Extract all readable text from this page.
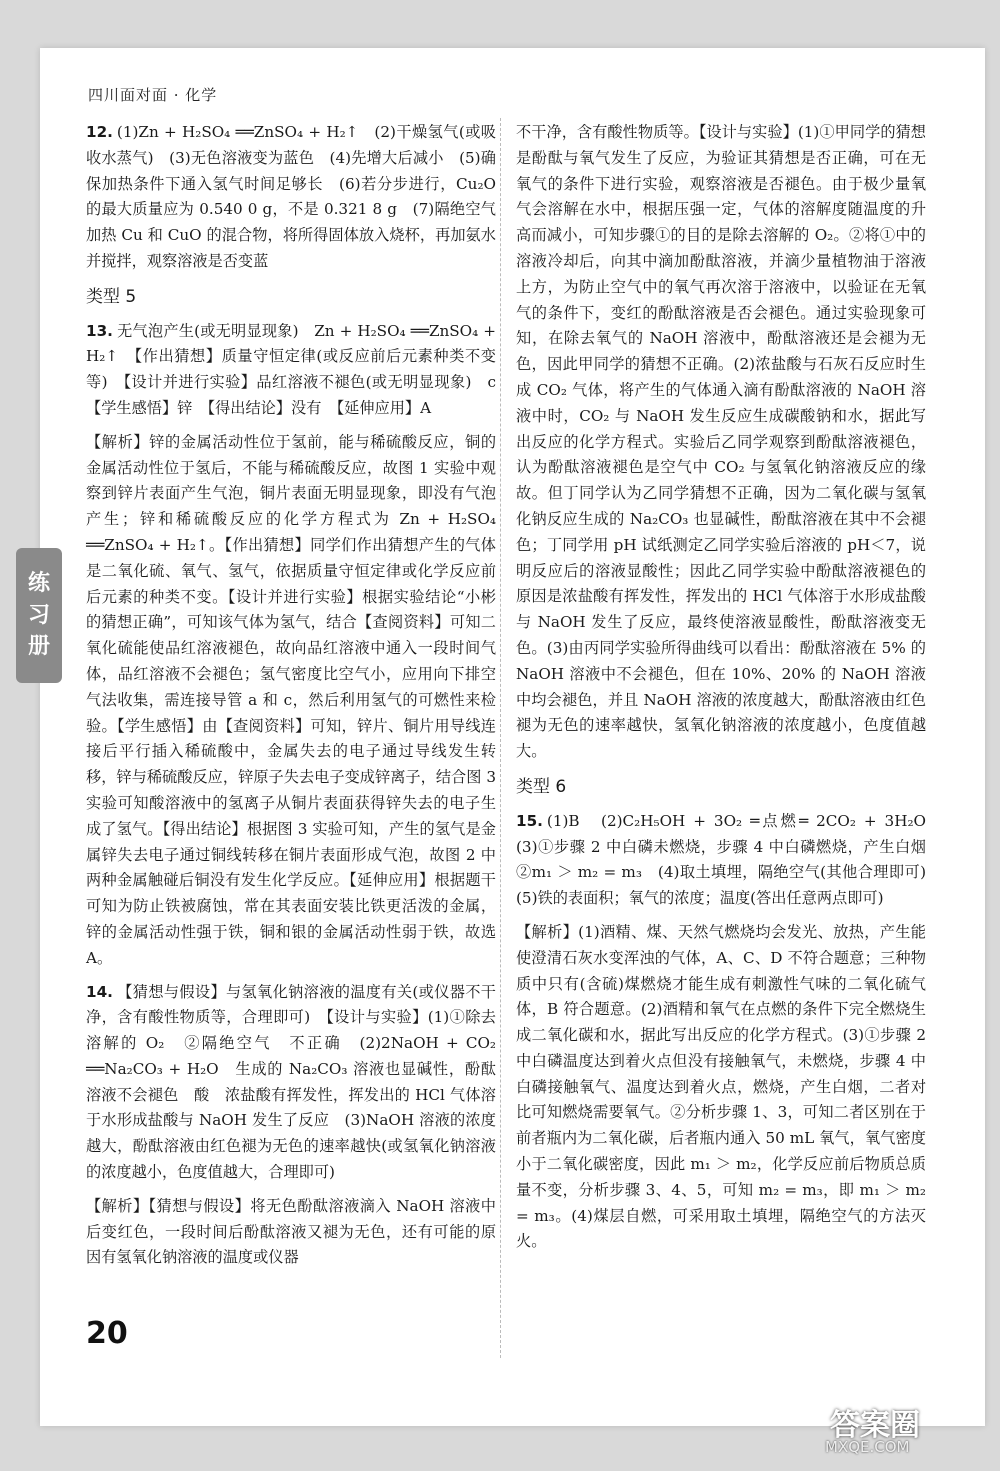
四川面对面 · 化学
练
习
册
12. (1)Zn + H₂SO₄ ══ZnSO₄ + H₂↑　(2)干燥氢气(或吸收水蒸气)　(3)无色溶液变为蓝色　(4)先增大后减小　(5)确保加热条件下通入氢气时间足够长　(6)若分步进行，Cu₂O 的最大质量应为 0.540 0 g，不是 0.321 8 g　(7)隔绝空气加热 Cu 和 CuO 的混合物，将所得固体放入烧杯，再加氨水并搅拌，观察溶液是否变蓝
类型 5
13. 无气泡产生(或无明显现象)　Zn + H₂SO₄ ══ZnSO₄ + H₂↑　【作出猜想】质量守恒定律(或反应前后元素种类不变等)　【设计并进行实验】品红溶液不褪色(或无明显现象)　c　【学生感悟】锌　【得出结论】没有　【延伸应用】A
【解析】锌的金属活动性位于氢前，能与稀硫酸反应，铜的金属活动性位于氢后，不能与稀硫酸反应，故图 1 实验中观察到锌片表面产生气泡，铜片表面无明显现象，即没有气泡产生；锌和稀硫酸反应的化学方程式为 Zn + H₂SO₄ ══ZnSO₄ + H₂↑。【作出猜想】同学们作出猜想产生的气体是二氧化硫、氧气、氢气，依据质量守恒定律或化学反应前后元素的种类不变。【设计并进行实验】根据实验结论“小彬的猜想正确”，可知该气体为氢气，结合【查阅资料】可知二氧化硫能使品红溶液褪色，故向品红溶液中通入一段时间气体，品红溶液不会褪色；氢气密度比空气小，应用向下排空气法收集，需连接导管 a 和 c，然后利用氢气的可燃性来检验。【学生感悟】由【查阅资料】可知，锌片、铜片用导线连接后平行插入稀硫酸中，金属失去的电子通过导线发生转移，锌与稀硫酸反应，锌原子失去电子变成锌离子，结合图 3 实验可知酸溶液中的氢离子从铜片表面获得锌失去的电子生成了氢气。【得出结论】根据图 3 实验可知，产生的氢气是金属锌失去电子通过铜线转移在铜片表面形成气泡，故图 2 中两种金属触碰后铜没有发生化学反应。【延伸应用】根据题干可知为防止铁被腐蚀，常在其表面安装比铁更活泼的金属，锌的金属活动性强于铁，铜和银的金属活动性弱于铁，故选 A。
14. 【猜想与假设】与氢氧化钠溶液的温度有关(或仪器不干净，含有酸性物质等，合理即可)　【设计与实验】(1)①除去溶解的 O₂　②隔绝空气　不正确　(2)2NaOH + CO₂ ══Na₂CO₃ + H₂O　生成的 Na₂CO₃ 溶液也显碱性，酚酞溶液不会褪色　酸　浓盐酸有挥发性，挥发出的 HCl 气体溶于水形成盐酸与 NaOH 发生了反应　(3)NaOH 溶液的浓度越大，酚酞溶液由红色褪为无色的速率越快(或氢氧化钠溶液的浓度越小，色度值越大，合理即可)
【解析】【猜想与假设】将无色酚酞溶液滴入 NaOH 溶液中后变红色，一段时间后酚酞溶液又褪为无色，还有可能的原因有氢氧化钠溶液的温度或仪器
不干净，含有酸性物质等。【设计与实验】(1)①甲同学的猜想是酚酞与氧气发生了反应，为验证其猜想是否正确，可在无氧气的条件下进行实验，观察溶液是否褪色。由于极少量氧气会溶解在水中，根据压强一定，气体的溶解度随温度的升高而减小，可知步骤①的目的是除去溶解的 O₂。②将①中的溶液冷却后，向其中滴加酚酞溶液，并滴少量植物油于溶液上方，为防止空气中的氧气再次溶于溶液中，以验证在无氧气的条件下，变红的酚酞溶液是否会褪色。通过实验现象可知，在除去氧气的 NaOH 溶液中，酚酞溶液还是会褪为无色，因此甲同学的猜想不正确。(2)浓盐酸与石灰石反应时生成 CO₂ 气体，将产生的气体通入滴有酚酞溶液的 NaOH 溶液中时，CO₂ 与 NaOH 发生反应生成碳酸钠和水，据此写出反应的化学方程式。实验后乙同学观察到酚酞溶液褪色，认为酚酞溶液褪色是空气中 CO₂ 与氢氧化钠溶液反应的缘故。但丁同学认为乙同学猜想不正确，因为二氧化碳与氢氧化钠反应生成的 Na₂CO₃ 也显碱性，酚酞溶液在其中不会褪色；丁同学用 pH 试纸测定乙同学实验后溶液的 pH＜7，说明反应后的溶液显酸性；因此乙同学实验中酚酞溶液褪色的原因是浓盐酸有挥发性，挥发出的 HCl 气体溶于水形成盐酸与 NaOH 发生了反应，最终使溶液显酸性，酚酞溶液变无色。(3)由丙同学实验所得曲线可以看出：酚酞溶液在 5% 的 NaOH 溶液中不会褪色，但在 10%、20% 的 NaOH 溶液中均会褪色，并且 NaOH 溶液的浓度越大，酚酞溶液由红色褪为无色的速率越快，氢氧化钠溶液的浓度越小，色度值越大。
类型 6
15. (1)B　(2)C₂H₅OH + 3O₂ ═点燃═ 2CO₂ + 3H₂O　(3)①步骤 2 中白磷未燃烧，步骤 4 中白磷燃烧，产生白烟　②m₁ ＞ m₂ = m₃　(4)取土填埋，隔绝空气(其他合理即可)　(5)铁的表面积；氧气的浓度；温度(答出任意两点即可)
【解析】(1)酒精、煤、天然气燃烧均会发光、放热，产生能使澄清石灰水变浑浊的气体，A、C、D 不符合题意；三种物质中只有(含硫)煤燃烧才能生成有刺激性气味的二氧化硫气体，B 符合题意。(2)酒精和氧气在点燃的条件下完全燃烧生成二氧化碳和水，据此写出反应的化学方程式。(3)①步骤 2 中白磷温度达到着火点但没有接触氧气，未燃烧，步骤 4 中白磷接触氧气、温度达到着火点，燃烧，产生白烟，二者对比可知燃烧需要氧气。②分析步骤 1、3，可知二者区别在于前者瓶内为二氧化碳，后者瓶内通入 50 mL 氧气，氧气密度小于二氧化碳密度，因此 m₁ ＞ m₂，化学反应前后物质总质量不变，分析步骤 3、4、5，可知 m₂ = m₃，即 m₁ ＞ m₂ = m₃。(4)煤层自燃，可采用取土填埋，隔绝空气的方法灭火。
20
答案圈
MXQE.COM
